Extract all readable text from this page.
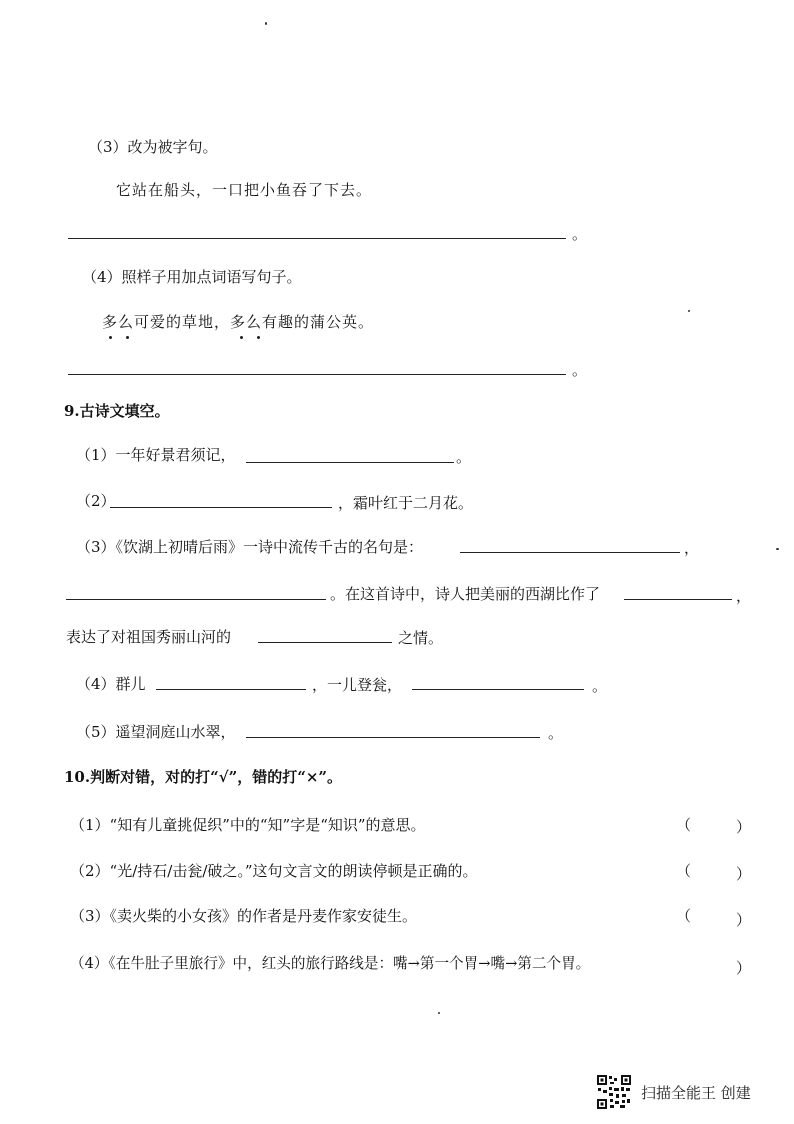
（3）改为被字句。
它站在船头，一口把小鱼吞了下去。
。
（4）照样子用加点词语写句子。
多么可爱的草地，多么有趣的蒲公英。
。
9.古诗文填空。
（1）一年好景君须记，	。
（2）	，霜叶红于二月花。
（3）《饮湖上初晴后雨》一诗中流传千古的名句是：	，
。在这首诗中，诗人把美丽的西湖比作了	，
表达了对祖国秀丽山河的	之情。
（4）群儿	，一儿登瓮，	。
（5）遥望洞庭山水翠，	。
10.判断对错，对的打“√”，错的打“×”。
（1）“知有儿童挑促织”中的“知”字是“知识”的意思。	（	）
（2）“光/持石/击瓮/破之。”这句文言文的朗读停顿是正确的。	（	）
（3）《卖火柴的小女孩》的作者是丹麦作家安徒生。	（	）
（4）《在牛肚子里旅行》中，红头的旅行路线是：嘴→第一个胃→嘴→第二个胃。	）
扫描全能王 创建
